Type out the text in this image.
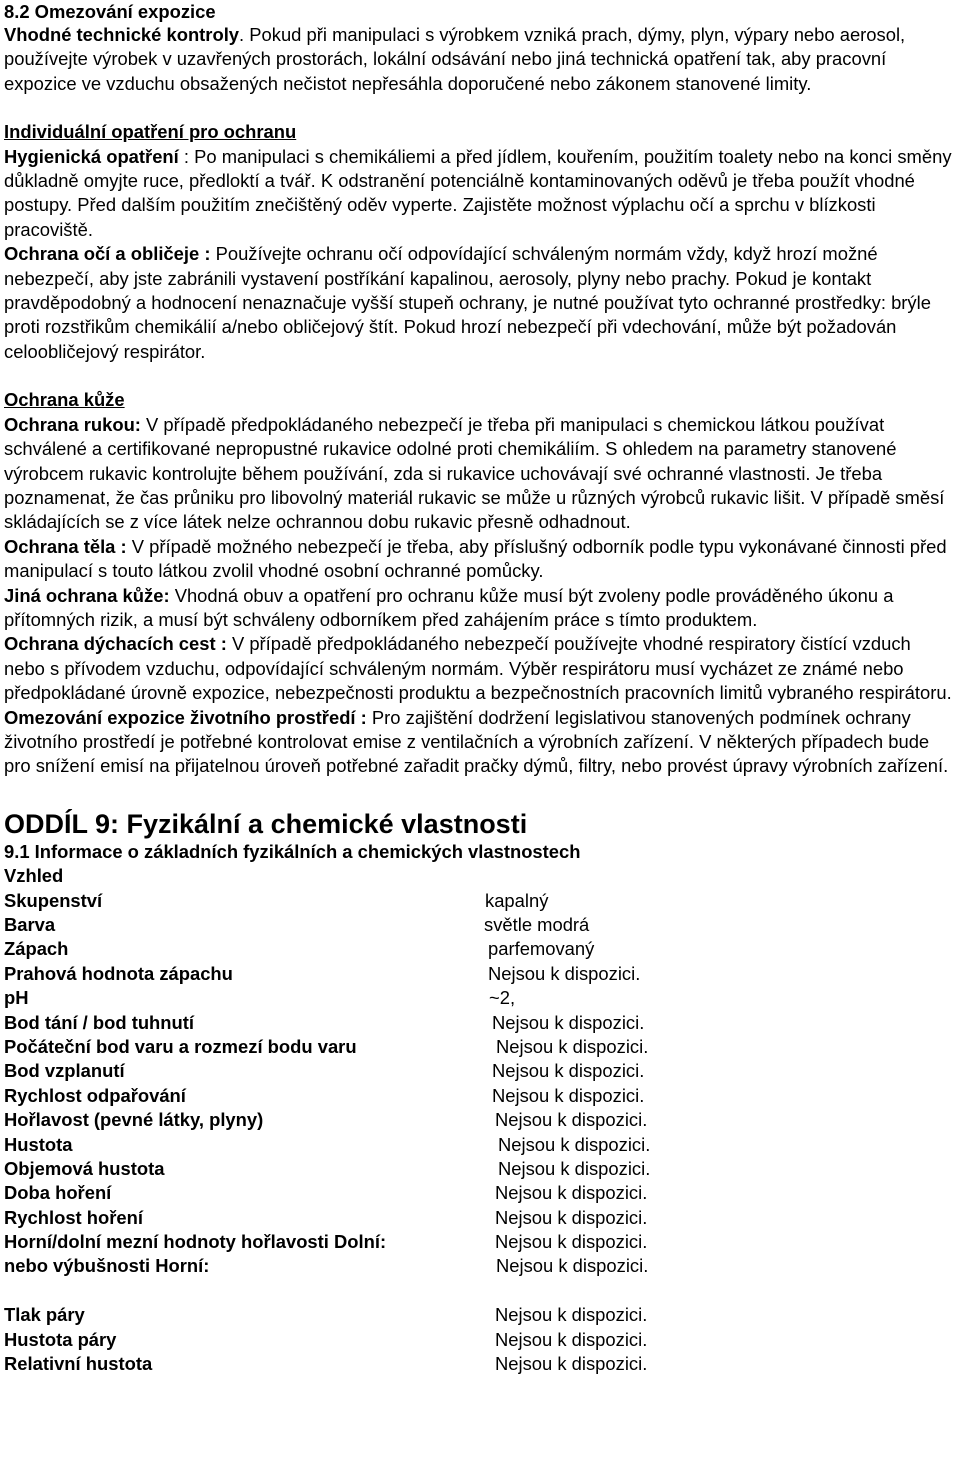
8.2 Omezování expozice

Vhodné technické kontroly. Pokud při manipulaci s výrobkem vzniká prach, dýmy, plyn, výpary nebo aerosol, používejte výrobek v uzavřených prostorách, lokální odsávání nebo jiná technická opatření tak, aby pracovní expozice ve vzduchu obsažených nečistot nepřesáhla doporučené nebo zákonem stanovené limity.

Individuální opatření pro ochranu

Hygienická opatření : Po manipulaci s chemikáliemi a před jídlem, kouřením, použitím toalety nebo na konci směny důkladně omyjte ruce, předloktí a tvář. K odstranění potenciálně kontaminovaných oděvů je třeba použít vhodné postupy. Před dalším použitím znečištěný oděv vyperte. Zajistěte možnost výplachu očí a sprchu v blízkosti pracoviště.

Ochrana očí a obličeje : Používejte ochranu očí odpovídající schváleným normám vždy, když hrozí možné nebezpečí, aby jste zabránili vystavení postříkání kapalinou, aerosoly, plyny nebo prachy. Pokud je kontakt pravděpodobný a hodnocení nenaznačuje vyšší stupeň ochrany, je nutné používat tyto ochranné prostředky: brýle proti rozstřikům chemikálií a/nebo obličejový štít. Pokud hrozí nebezpečí při vdechování, může být požadován celoobličejový respirátor.

Ochrana kůže

Ochrana rukou: V případě předpokládaného nebezpečí je třeba při manipulaci s chemickou látkou používat schválené a certifikované nepropustné rukavice odolné proti chemikáliím. S ohledem na parametry stanovené výrobcem rukavic kontrolujte během používání, zda si rukavice uchovávají své ochranné vlastnosti. Je třeba poznamenat, že čas průniku pro libovolný materiál rukavic se může u různých výrobců rukavic lišit. V případě směsí skládajících se z více látek nelze ochrannou dobu rukavic přesně odhadnout.

Ochrana těla : V případě možného nebezpečí je třeba, aby příslušný odborník podle typu vykonávané činnosti před manipulací s touto látkou zvolil vhodné osobní ochranné pomůcky.

Jiná ochrana kůže: Vhodná obuv a opatření pro ochranu kůže musí být zvoleny podle prováděného úkonu a přítomných rizik, a musí být schváleny odborníkem před zahájením práce s tímto produktem.

Ochrana dýchacích cest : V případě předpokládaného nebezpečí používejte vhodné respiratory čistící vzduch nebo s přívodem vzduchu, odpovídající schváleným normám. Výběr respirátoru musí vycházet ze známé nebo předpokládané úrovně expozice, nebezpečnosti produktu a bezpečnostních pracovních limitů vybraného respirátoru.

Omezování expozice životního prostředí : Pro zajištění dodržení legislativou stanovených podmínek ochrany životního prostředí je potřebné kontrolovat emise z ventilačních a výrobních zařízení. V některých případech bude pro snížení emisí na přijatelnou úroveň potřebné zařadit pračky dýmů, filtry, nebo provést úpravy výrobních zařízení.

ODDÍL 9: Fyzikální a chemické vlastnosti

9.1 Informace o základních fyzikálních a chemických vlastnostech

Vzhled

Skupenství	kapalný
Barva	světle modrá
Zápach	parfemovaný
Prahová hodnota zápachu	Nejsou k dispozici.
pH	~2,
Bod tání / bod tuhnutí	Nejsou k dispozici.
Počáteční bod varu a rozmezí bodu varu	Nejsou k dispozici.
Bod vzplanutí	Nejsou k dispozici.
Rychlost odpařování	Nejsou k dispozici.
Hořlavost (pevné látky, plyny)	Nejsou k dispozici.
Hustota	Nejsou k dispozici.
Objemová hustota	Nejsou k dispozici.
Doba hoření	Nejsou k dispozici.
Rychlost hoření	Nejsou k dispozici.
Horní/dolní mezní hodnoty hořlavosti Dolní:	Nejsou k dispozici.
nebo výbušnosti Horní:	Nejsou k dispozici.
Tlak páry	Nejsou k dispozici.
Hustota páry	Nejsou k dispozici.
Relativní hustota	Nejsou k dispozici.
